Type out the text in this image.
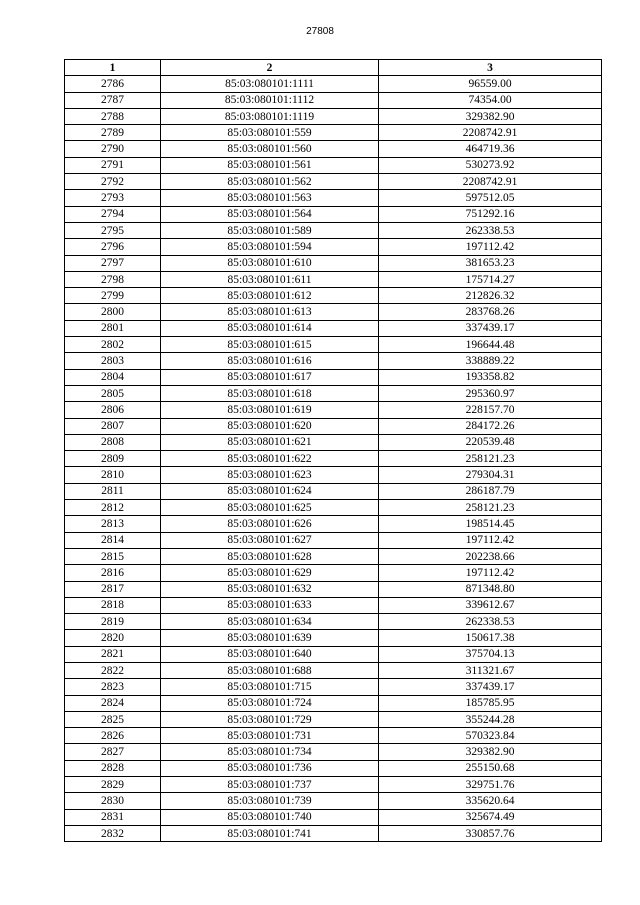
27808
1	2	3
2786	85:03:080101:1111	96559.00
2787	85:03:080101:1112	74354.00
2788	85:03:080101:1119	329382.90
2789	85:03:080101:559	2208742.91
2790	85:03:080101:560	464719.36
2791	85:03:080101:561	530273.92
2792	85:03:080101:562	2208742.91
2793	85:03:080101:563	597512.05
2794	85:03:080101:564	751292.16
2795	85:03:080101:589	262338.53
2796	85:03:080101:594	197112.42
2797	85:03:080101:610	381653.23
2798	85:03:080101:611	175714.27
2799	85:03:080101:612	212826.32
2800	85:03:080101:613	283768.26
2801	85:03:080101:614	337439.17
2802	85:03:080101:615	196644.48
2803	85:03:080101:616	338889.22
2804	85:03:080101:617	193358.82
2805	85:03:080101:618	295360.97
2806	85:03:080101:619	228157.70
2807	85:03:080101:620	284172.26
2808	85:03:080101:621	220539.48
2809	85:03:080101:622	258121.23
2810	85:03:080101:623	279304.31
2811	85:03:080101:624	286187.79
2812	85:03:080101:625	258121.23
2813	85:03:080101:626	198514.45
2814	85:03:080101:627	197112.42
2815	85:03:080101:628	202238.66
2816	85:03:080101:629	197112.42
2817	85:03:080101:632	871348.80
2818	85:03:080101:633	339612.67
2819	85:03:080101:634	262338.53
2820	85:03:080101:639	150617.38
2821	85:03:080101:640	375704.13
2822	85:03:080101:688	311321.67
2823	85:03:080101:715	337439.17
2824	85:03:080101:724	185785.95
2825	85:03:080101:729	355244.28
2826	85:03:080101:731	570323.84
2827	85:03:080101:734	329382.90
2828	85:03:080101:736	255150.68
2829	85:03:080101:737	329751.76
2830	85:03:080101:739	335620.64
2831	85:03:080101:740	325674.49
2832	85:03:080101:741	330857.76
